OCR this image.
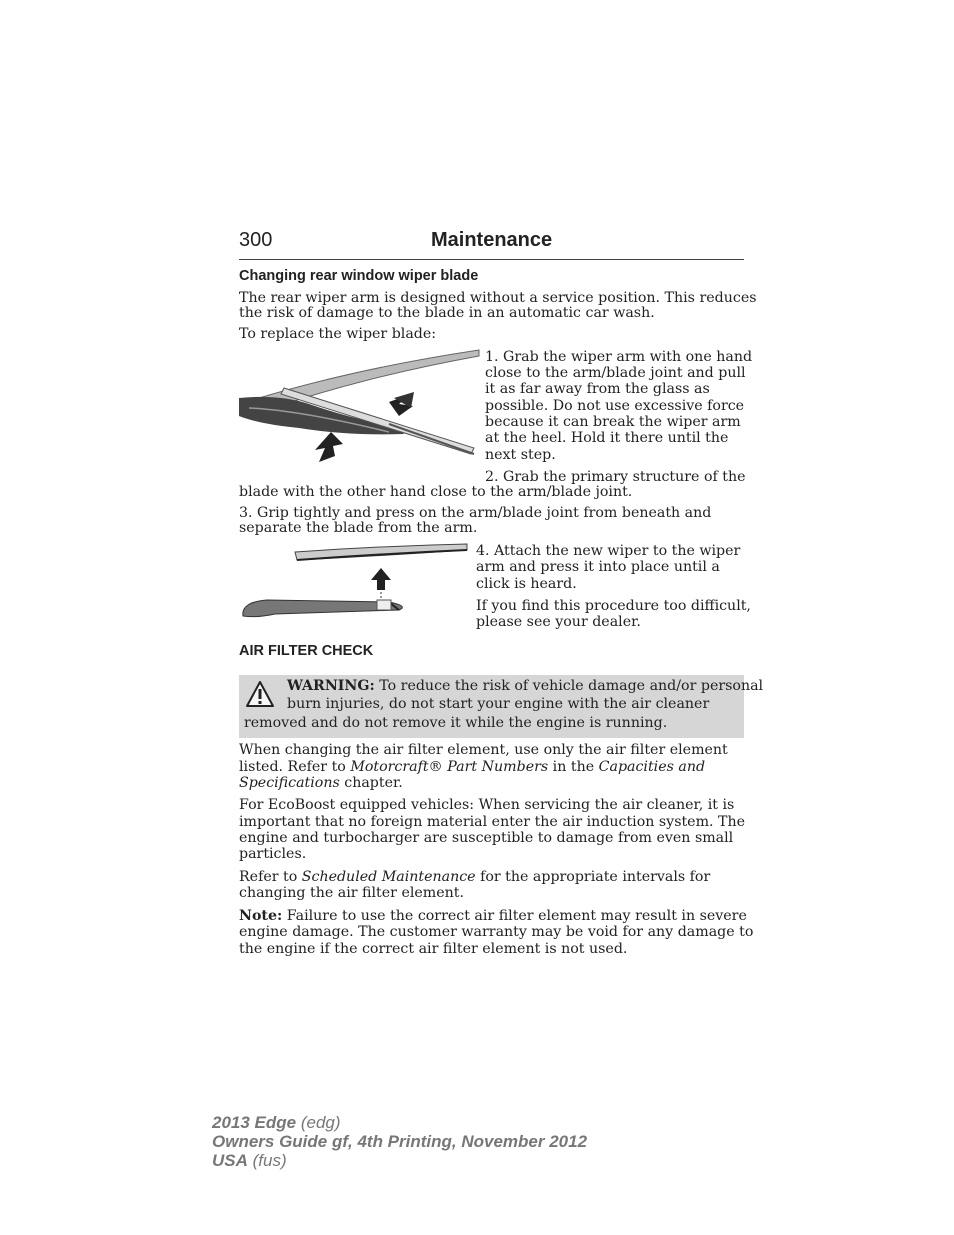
300	Maintenance

Changing rear window wiper blade

The rear wiper arm is designed without a service position. This reduces

the risk of damage to the blade in an automatic car wash.

To replace the wiper blade:

1. Grab the wiper arm with one hand

close to the arm/blade joint and pull

it as far away from the glass as

possible. Do not use excessive force

because it can break the wiper arm

at the heel. Hold it there until the

next step.

2. Grab the primary structure of the

blade with the other hand close to the arm/blade joint.

3. Grip tightly and press on the arm/blade joint from beneath and

separate the blade from the arm.

4. Attach the new wiper to the wiper

arm and press it into place until a

click is heard.

If you find this procedure too difficult,

please see your dealer.

AIR FILTER CHECK

WARNING: To reduce the risk of vehicle damage and/or personal

burn injuries, do not start your engine with the air cleaner

removed and do not remove it while the engine is running.

When changing the air filter element, use only the air filter element

listed. Refer to Motorcraft® Part Numbers in the Capacities and

Specifications chapter.

For EcoBoost equipped vehicles: When servicing the air cleaner, it is

important that no foreign material enter the air induction system. The

engine and turbocharger are susceptible to damage from even small

particles.

Refer to Scheduled Maintenance for the appropriate intervals for

changing the air filter element.

Note: Failure to use the correct air filter element may result in severe

engine damage. The customer warranty may be void for any damage to

the engine if the correct air filter element is not used.

2013 Edge (edg)
Owners Guide gf, 4th Printing, November 2012
USA (fus)
